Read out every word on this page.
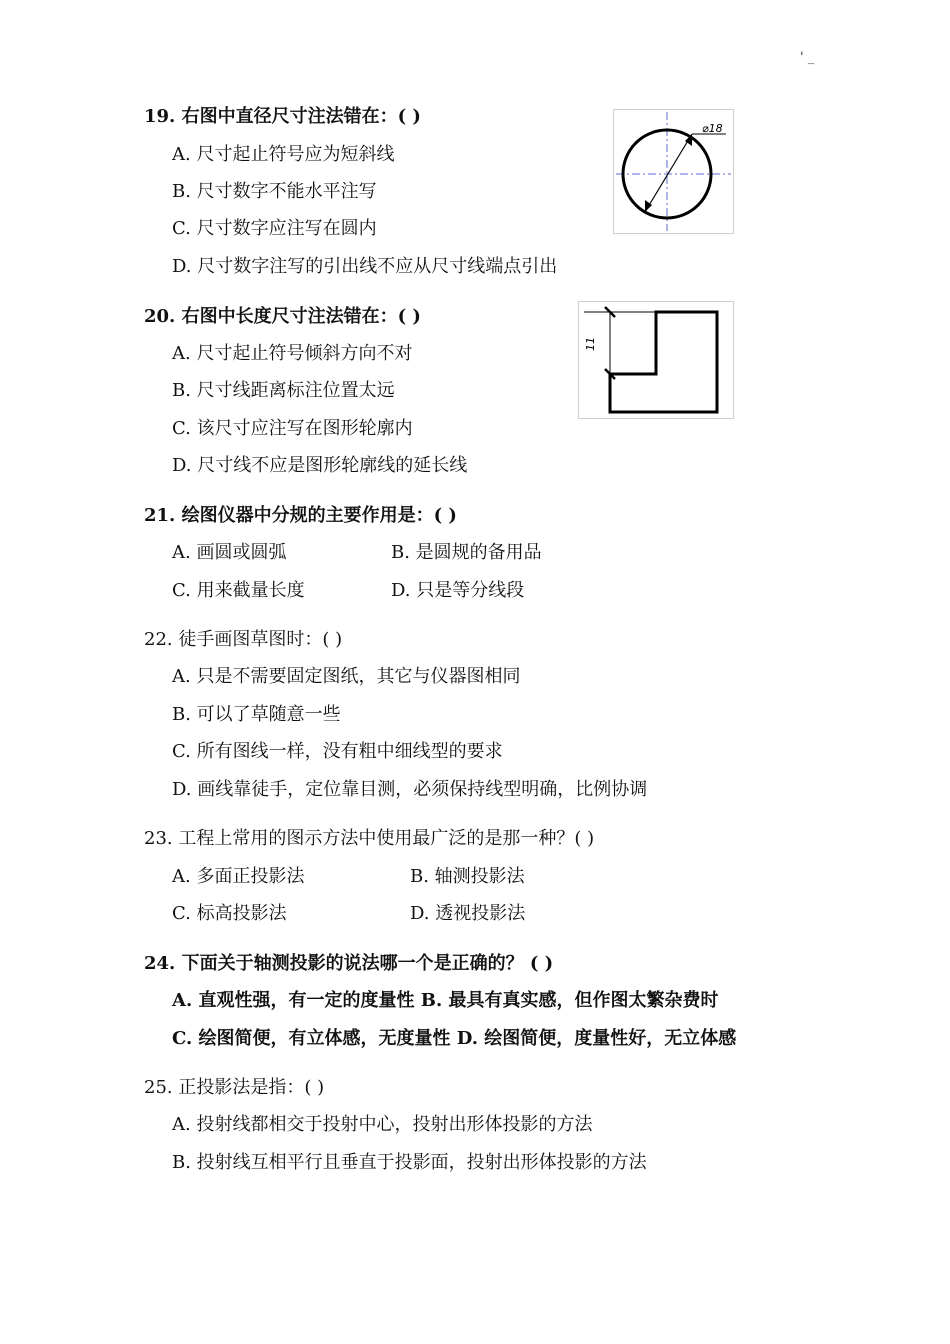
' _
19. 右图中直径尺寸注法错在：( )
A. 尺寸起止符号应为短斜线
B. 尺寸数字不能水平注写
C. 尺寸数字应注写在圆内
D. 尺寸数字注写的引出线不应从尺寸线端点引出
⌀18
20. 右图中长度尺寸注法错在：( )
A. 尺寸起止符号倾斜方向不对
B. 尺寸线距离标注位置太远
C. 该尺寸应注写在图形轮廓内
D. 尺寸线不应是图形轮廓线的延长线
11
21. 绘图仪器中分规的主要作用是：( )
A. 画圆或圆弧	B. 是圆规的备用品
C. 用来截量长度	D. 只是等分线段
22. 徒手画图草图时：( )
A. 只是不需要固定图纸，其它与仪器图相同
B. 可以了草随意一些
C. 所有图线一样，没有粗中细线型的要求
D. 画线靠徒手，定位靠目测，必须保持线型明确，比例协调
23. 工程上常用的图示方法中使用最广泛的是那一种？( )
A. 多面正投影法	B. 轴测投影法
C. 标高投影法	D. 透视投影法
24. 下面关于轴测投影的说法哪一个是正确的？ ( )
A. 直观性强，有一定的度量性 B. 最具有真实感，但作图太繁杂费时
C. 绘图简便，有立体感，无度量性 D. 绘图简便，度量性好，无立体感
25. 正投影法是指：( )
A. 投射线都相交于投射中心，投射出形体投影的方法
B. 投射线互相平行且垂直于投影面，投射出形体投影的方法
